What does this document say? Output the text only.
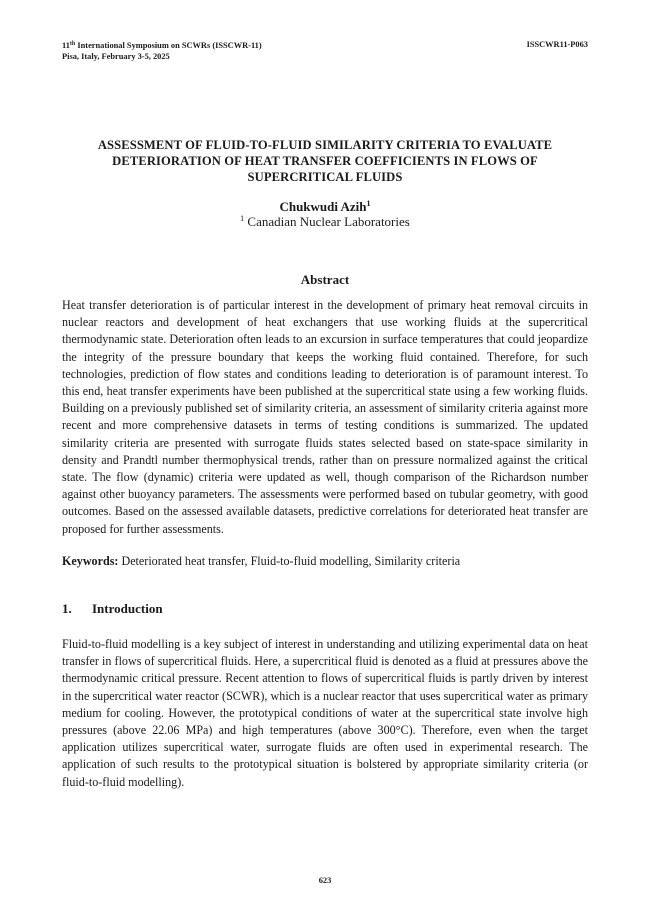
11th International Symposium on SCWRs (ISSCWR-11)
Pisa, Italy, February 3-5, 2025
ISSCWR11-P063
ASSESSMENT OF FLUID-TO-FLUID SIMILARITY CRITERIA TO EVALUATE DETERIORATION OF HEAT TRANSFER COEFFICIENTS IN FLOWS OF SUPERCRITICAL FLUIDS
Chukwudi Azih$^1$
$^1$ Canadian Nuclear Laboratories
Abstract

Heat transfer deterioration is of particular interest in the development of primary heat removal circuits in nuclear reactors and development of heat exchangers that use working fluids at the supercritical thermodynamic state. Deterioration often leads to an excursion in surface temperatures that could jeopardize the integrity of the pressure boundary that keeps the working fluid contained. Therefore, for such technologies, prediction of flow states and conditions leading to deterioration is of paramount interest. To this end, heat transfer experiments have been published at the supercritical state using a few working fluids. Building on a previously published set of similarity criteria, an assessment of similarity criteria against more recent and more comprehensive datasets in terms of testing conditions is summarized. The updated similarity criteria are presented with surrogate fluids states selected based on state-space similarity in density and Prandtl number thermophysical trends, rather than on pressure normalized against the critical state. The flow (dynamic) criteria were updated as well, though comparison of the Richardson number against other buoyancy parameters. The assessments were performed based on tubular geometry, with good outcomes. Based on the assessed available datasets, predictive correlations for deteriorated heat transfer are proposed for further assessments.

Keywords: Deteriorated heat transfer, Fluid-to-fluid modelling, Similarity criteria
1. Introduction

Fluid-to-fluid modelling is a key subject of interest in understanding and utilizing experimental data on heat transfer in flows of supercritical fluids. Here, a supercritical fluid is denoted as a fluid at pressures above the thermodynamic critical pressure. Recent attention to flows of supercritical fluids is partly driven by interest in the supercritical water reactor (SCWR), which is a nuclear reactor that uses supercritical water as primary medium for cooling. However, the prototypical conditions of water at the supercritical state involve high pressures (above 22.06 MPa) and high temperatures (above 300°C). Therefore, even when the target application utilizes supercritical water, surrogate fluids are often used in experimental research. The application of such results to the prototypical situation is bolstered by appropriate similarity criteria (or fluid-to-fluid modelling).

623
